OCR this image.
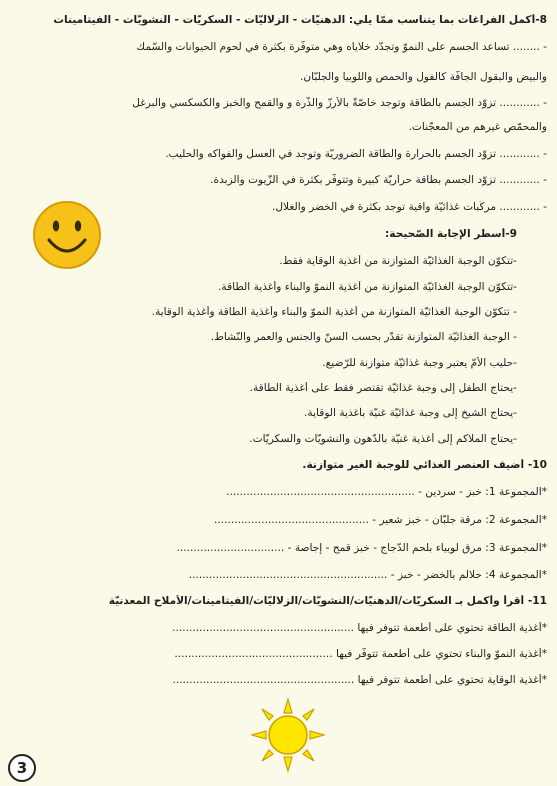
8-أكمل الفراغات بما يتناسب ممّا يلي: الدهنيّات - الزلاليّات - السكريّات - النشويّات - الفيتامينات
- ........ تساعد الجسم على النموّ وتجدّد خلاياه وهي متوفّرة بكثرة في لحوم الحيوانات والسّمك
والبيض والبقول الجافّة كالفول والحمص واللّوبيا والجلبّان.
- ............ تزوّد الجسم بالطّاقة وتوجد خاصّةً بالأرزّ والذّرة و والقمح والخبز والكسكسي والبرغل
والمحمّص غيرهم من المعجّنات.
- ............ تزوّد الجسم بالحرارة والطّاقة الضروريّة وتوجد في العسل والفواكه والحليب.
- ............ تزوّد الجسم بطاقة حراريّة كبيرة وتتوفّر بكثرة في الزّيوت والزبدة.
- ............ مركّبات غذائيّة واقية توجد بكثرة في الخضر والغلال.
9-أسطّر الإجابة الصّحيحة:
-تتكوّن الوجبة الغذائيّة المتوازنة من أغذية الوقاية فقط.
-تتكوّن الوجبة الغذائيّة المتوازنة من أغذية النموّ والبناء وأغذية الطّاقة.
- تتكوّن الوجبة الغذائيّة المتوازنة من أغذية النموّ والبناء وأغذية الطّاقة وأغذية الوقاية.
- الوجبة الغذائيّة المتوازنة تقدّر بحسب السنّ والجنس والعمر والنّشاط.
-حليب الأمّ يعتبر وجبة غذائيّة متوازنة للرّضيع.
-يحتاج الطّفل إلى وجبة غذائيّة تقتصر فقط على أغذية الطّاقة.
-يحتاج الشيخ إلى وجبة غذائيّة غنيّة بأغذية الوقاية.
-يحتاج الملاكم إلى أغذية غنيّة بالدّهون والنشويّات والسكريّات.
10- أضيف العنصر الغذائي للوجبة الغير متوازنة.
*المجموعة 1: خبز - سردين - ........................................................
*المجموعة 2: مرقة جلبّان - خبز شعير - ..............................................
*المجموعة 3: مرق لوبياء بلحم الدّجاج - خبز قمح - إجاصة - ................................
*المجموعة 4: حلالم بالخضر - خبز - ...........................................................
11- أقرأ وأكمل بـ السكريّات/الدهنيّات/النشويّات/الزلاليّات/الفيتامينات/الأملاح المعدنيّة
*أغذية الطّاقة تحتوي على أطعمة تتوفر فيها ......................................................
*أغذية النموّ والبناء تحتوي على أطعمة تتوفّر فيها ...............................................
*أغذية الوقاية تحتوي على أطعمة تتوفر فيها ......................................................
3
